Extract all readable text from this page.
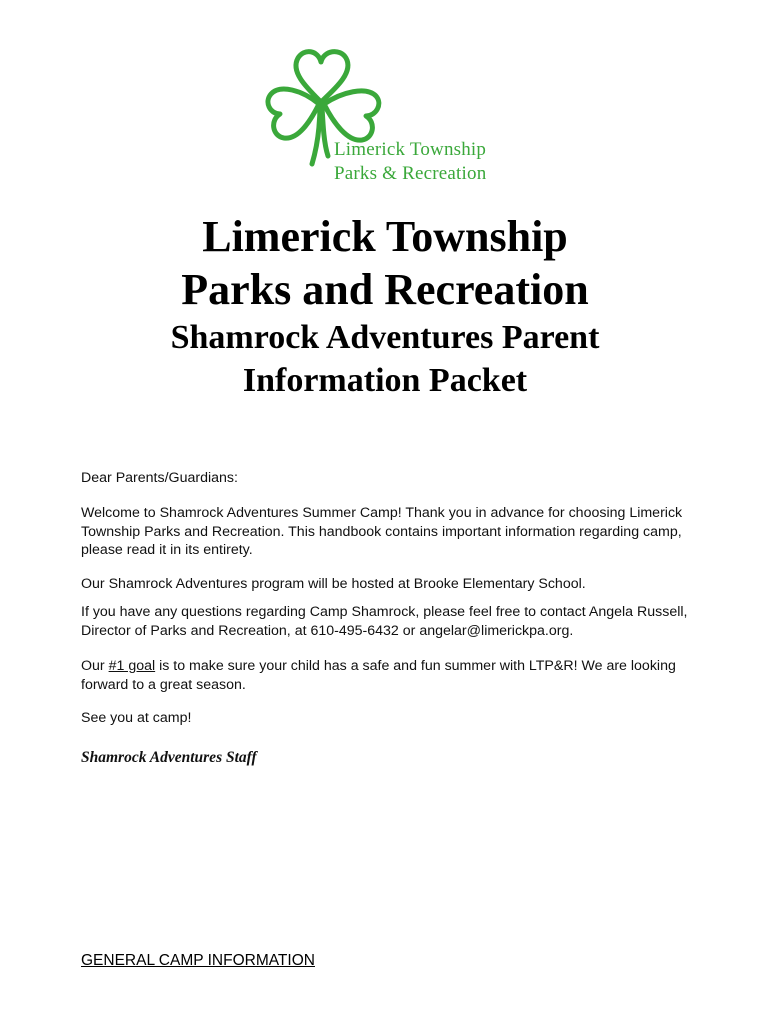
Limerick Township
Parks & Recreation
Limerick Township
Parks and Recreation
Shamrock Adventures Parent
Information Packet
Dear Parents/Guardians:
Welcome to Shamrock Adventures Summer Camp! Thank you in advance for choosing Limerick Township Parks and Recreation. This handbook contains important information regarding camp, please read it in its entirety.
Our Shamrock Adventures program will be hosted at Brooke Elementary School.
If you have any questions regarding Camp Shamrock, please feel free to contact Angela Russell, Director of Parks and Recreation, at 610-495-6432 or angelar@limerickpa.org.
Our #1 goal is to make sure your child has a safe and fun summer with LTP&R! We are looking forward to a great season.
See you at camp!
Shamrock Adventures Staff
GENERAL CAMP INFORMATION
